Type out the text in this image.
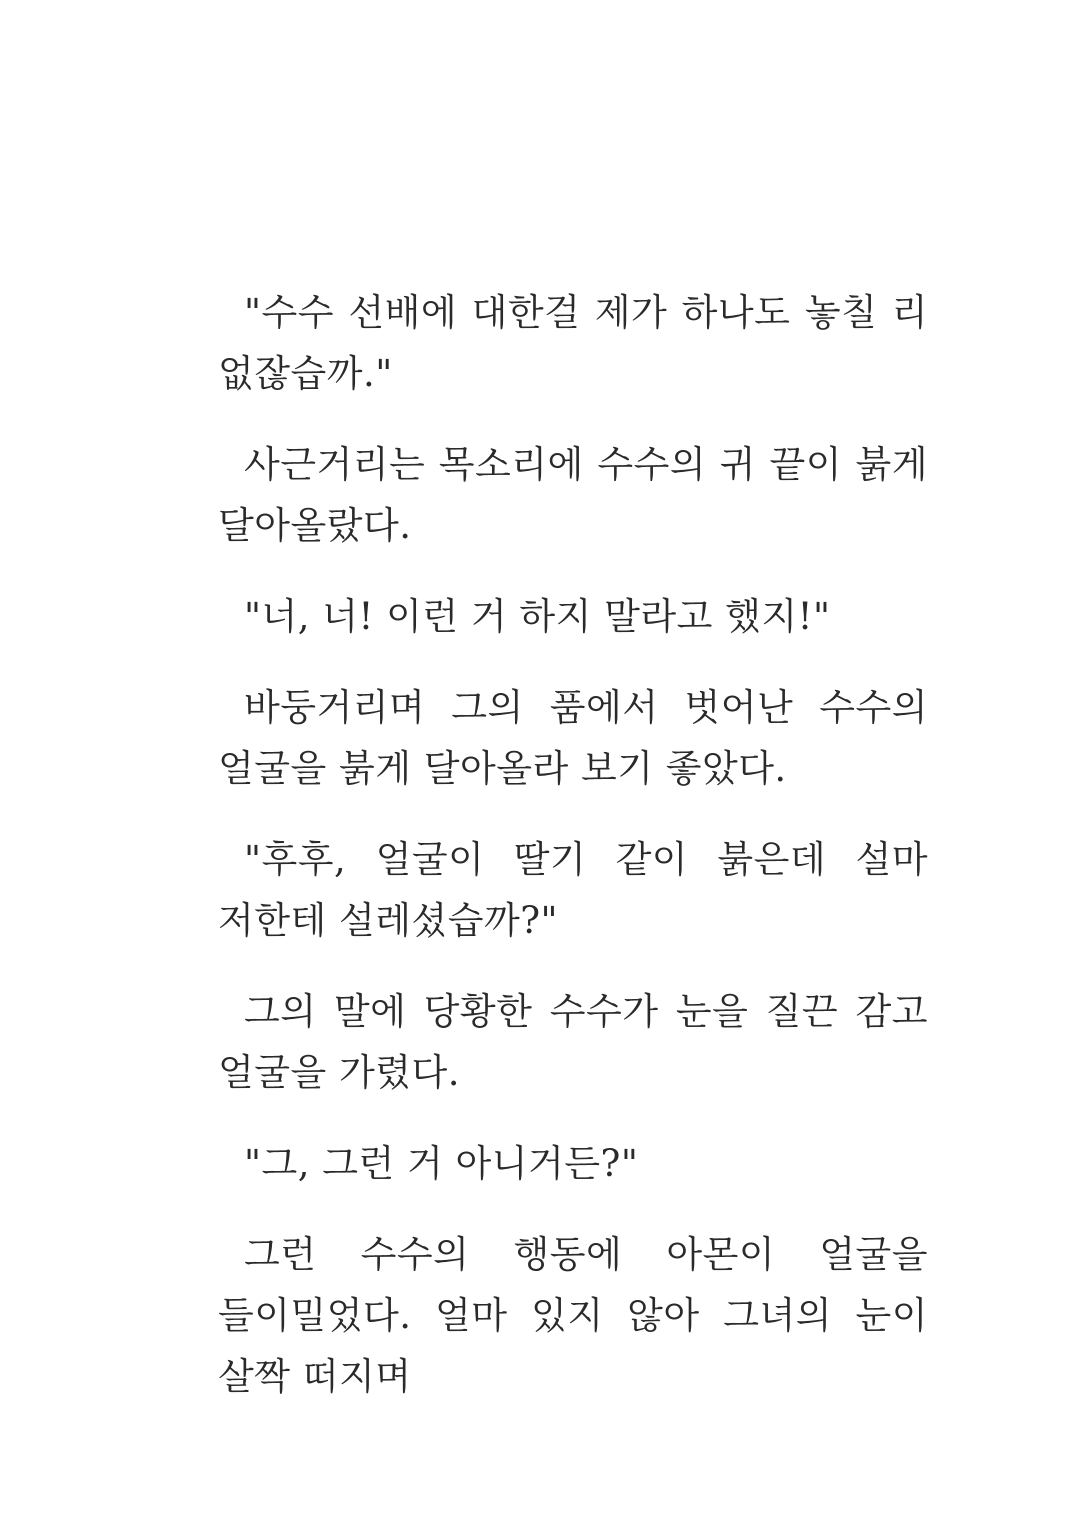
"수수 선배에 대한걸 제가 하나도 놓칠 리 없잖습까."

사근거리는 목소리에 수수의 귀 끝이 붉게 달아올랐다.

"너, 너! 이런 거 하지 말라고 했지!"

바둥거리며 그의 품에서 벗어난 수수의 얼굴을 붉게 달아올라 보기 좋았다.

"후후, 얼굴이 딸기 같이 붉은데 설마 저한테 설레셨습까?"

그의 말에 당황한 수수가 눈을 질끈 감고 얼굴을 가렸다.

"그, 그런 거 아니거든?"

그런 수수의 행동에 아몬이 얼굴을 들이밀었다. 얼마 있지 않아 그녀의 눈이 살짝 떠지며
